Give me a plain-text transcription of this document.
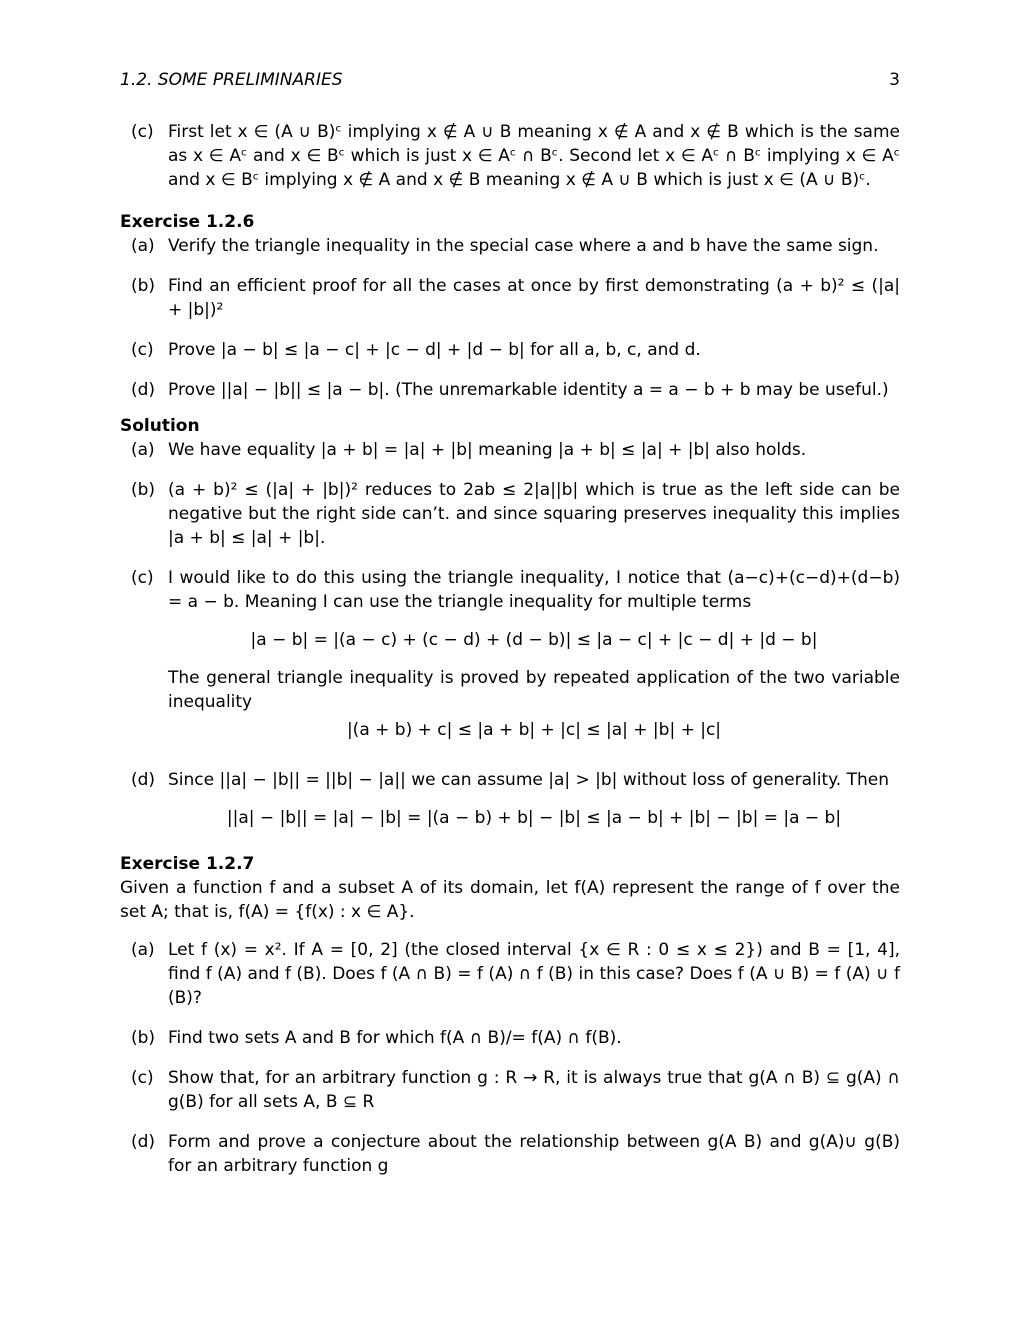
1.2. SOME PRELIMINARIES	3
(c) First let x ∈ (A ∪ B)ᶜ implying x ∉ A ∪ B meaning x ∉ A and x ∉ B which is the same as x ∈ Aᶜ and x ∈ Bᶜ which is just x ∈ Aᶜ ∩ Bᶜ. Second let x ∈ Aᶜ ∩ Bᶜ implying x ∈ Aᶜ and x ∈ Bᶜ implying x ∉ A and x ∉ B meaning x ∉ A ∪ B which is just x ∈ (A ∪ B)ᶜ.
Exercise 1.2.6
(a) Verify the triangle inequality in the special case where a and b have the same sign.
(b) Find an efficient proof for all the cases at once by first demonstrating (a + b)² ≤ (|a| + |b|)²
(c) Prove |a − b| ≤ |a − c| + |c − d| + |d − b| for all a, b, c, and d.
(d) Prove ||a| − |b|| ≤ |a − b|. (The unremarkable identity a = a − b + b may be useful.)
Solution
(a) We have equality |a + b| = |a| + |b| meaning |a + b| ≤ |a| + |b| also holds.
(b) (a + b)² ≤ (|a| + |b|)² reduces to 2ab ≤ 2|a||b| which is true as the left side can be negative but the right side can’t. and since squaring preserves inequality this implies |a + b| ≤ |a| + |b|.
(c) I would like to do this using the triangle inequality, I notice that (a−c)+(c−d)+(d−b) = a − b. Meaning I can use the triangle inequality for multiple terms
|a − b| = |(a − c) + (c − d) + (d − b)| ≤ |a − c| + |c − d| + |d − b|
The general triangle inequality is proved by repeated application of the two variable inequality
|(a + b) + c| ≤ |a + b| + |c| ≤ |a| + |b| + |c|
(d) Since ||a| − |b|| = ||b| − |a|| we can assume |a| > |b| without loss of generality. Then
||a| − |b|| = |a| − |b| = |(a − b) + b| − |b| ≤ |a − b| + |b| − |b| = |a − b|
Exercise 1.2.7
Given a function f and a subset A of its domain, let f(A) represent the range of f over the set A; that is, f(A) = {f(x) : x ∈ A}.
(a) Let f (x) = x². If A = [0, 2] (the closed interval {x ∈ R : 0 ≤ x ≤ 2}) and B = [1, 4], find f (A) and f (B). Does f (A ∩ B) = f (A) ∩ f (B) in this case? Does f (A ∪ B) = f (A) ∪ f (B)?
(b) Find two sets A and B for which f(A ∩ B)/= f(A) ∩ f(B).
(c) Show that, for an arbitrary function g : R → R, it is always true that g(A ∩ B) ⊆ g(A) ∩ g(B) for all sets A, B ⊆ R
(d) Form and prove a conjecture about the relationship between g(A B) and g(A)∪ g(B) for an arbitrary function g
